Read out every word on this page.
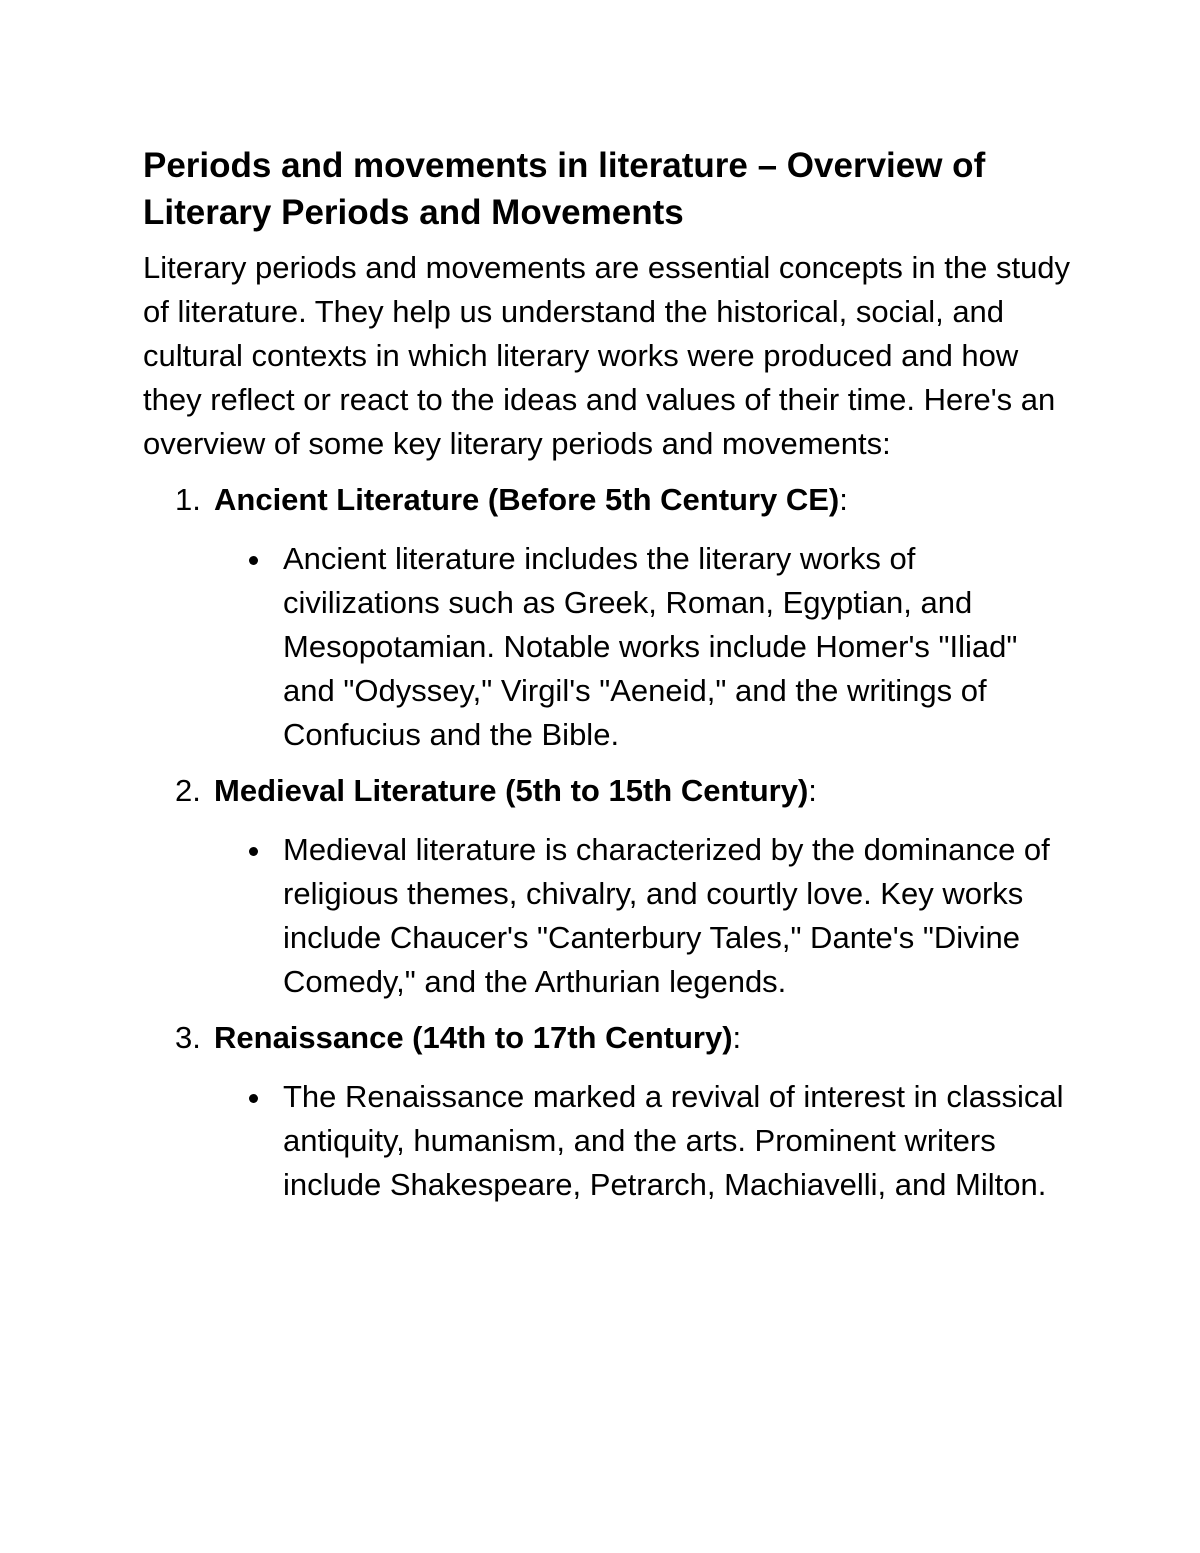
Periods and movements in literature – Overview of Literary Periods and Movements

Literary periods and movements are essential concepts in the study of literature. They help us understand the historical, social, and cultural contexts in which literary works were produced and how they reflect or react to the ideas and values of their time. Here's an overview of some key literary periods and movements:

1. Ancient Literature (Before 5th Century CE):
Ancient literature includes the literary works of civilizations such as Greek, Roman, Egyptian, and Mesopotamian. Notable works include Homer's "Iliad" and "Odyssey," Virgil's "Aeneid," and the writings of Confucius and the Bible.
2. Medieval Literature (5th to 15th Century):
Medieval literature is characterized by the dominance of religious themes, chivalry, and courtly love. Key works include Chaucer's "Canterbury Tales," Dante's "Divine Comedy," and the Arthurian legends.
3. Renaissance (14th to 17th Century):
The Renaissance marked a revival of interest in classical antiquity, humanism, and the arts. Prominent writers include Shakespeare, Petrarch, Machiavelli, and Milton.
